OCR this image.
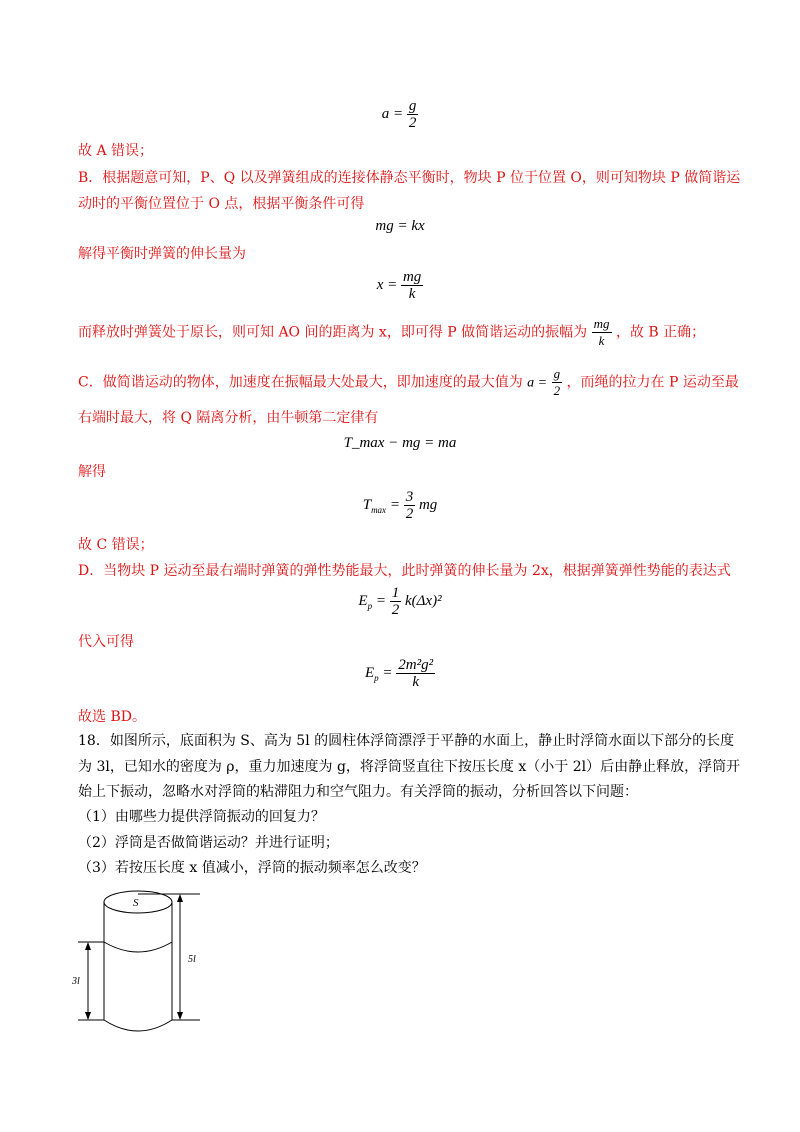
$a = \frac{g}{2}$
故 A 错误；
B．根据题意可知，P、Q 以及弹簧组成的连接体静态平衡时，物块 P 位于位置 O，则可知物块 P 做简谐运
动时的平衡位置位于 O 点，根据平衡条件可得
mg = kx
解得平衡时弹簧的伸长量为
$x = \frac{mg}{k}$
而释放时弹簧处于原长，则可知 AO 间的距离为 x，即可得 P 做简谐运动的振幅为 $\frac{mg}{k}$ ，故 B 正确；
C．做简谐运动的物体，加速度在振幅最大处最大，即加速度的最大值为 $a = \frac{g}{2}$ ，而绳的拉力在 P 运动至最
右端时最大，将 Q 隔离分析，由牛顿第二定律有
T_max − mg = ma
解得
$T_{max} = \frac{3}{2}$ mg
故 C 错误；
D．当物块 P 运动至最右端时弹簧的弹性势能最大，此时弹簧的伸长量为 2x，根据弹簧弹性势能的表达式
$E_p = \frac{1}{2} k(\Delta x)^2$
代入可得
$E_p = \frac{\text{2m²g²}}{k}$
故选 BD。
18．如图所示，底面积为 S、高为 5l 的圆柱体浮筒漂浮于平静的水面上，静止时浮筒水面以下部分的长度
为 3l，已知水的密度为 ρ，重力加速度为 g，将浮筒竖直往下按压长度 x（小于 2l）后由静止释放，浮筒开
始上下振动，忽略水对浮筒的粘滞阻力和空气阻力。有关浮筒的振动，分析回答以下问题：
（1）由哪些力提供浮筒振动的回复力？
（2）浮筒是否做简谐运动？并进行证明；
（3）若按压长度 x 值减小，浮筒的振动频率怎么改变？
S
3l
5l
